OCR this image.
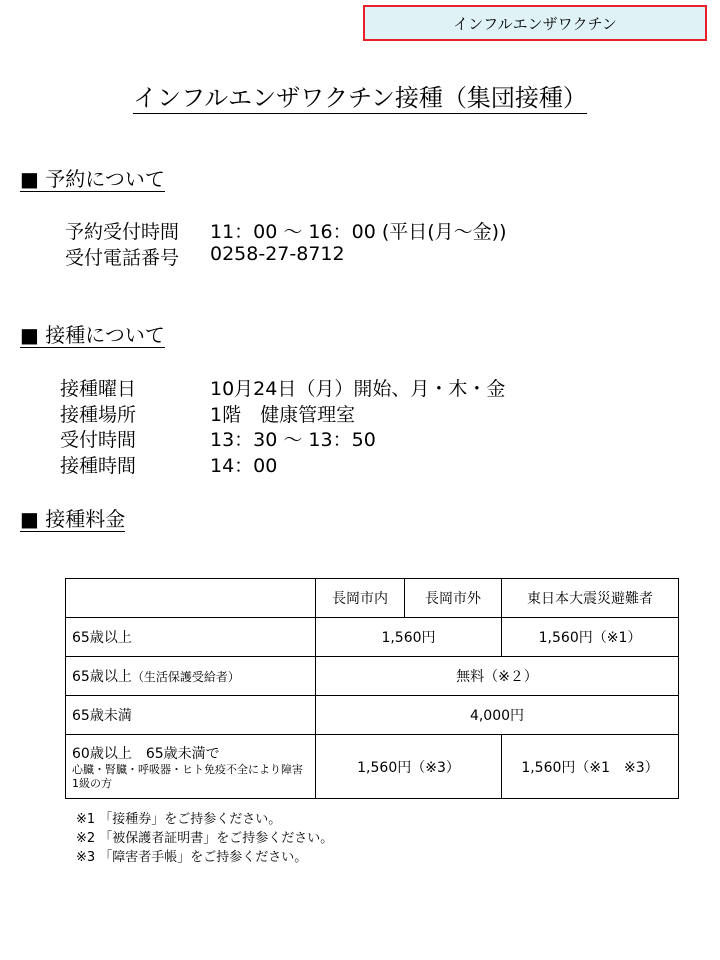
インフルエンザワクチン
インフルエンザワクチン接種（集団接種）
■ 予約について
予約受付時間 11：00 ～ 16：00 (平日(月～金))
受付電話番号 0258-27-8712
■ 接種について
接種曜日	10月24日（月）開始、月・木・金
接種場所	1階　健康管理室
受付時間	13：30 ～ 13：50
接種時間	14：00
■ 接種料金
	長岡市内	長岡市外	東日本大震災避難者
65歳以上	1,560円		1,560円（※1）
65歳以上（生活保護受給者）	無料（※２）		
65歳未満	4,000円		

60歳以上　65歳未満で
心臓・腎臓・呼吸器・ヒト免疫不全により障害1級の方	1,560円（※3）		1,560円（※1　※3）
※1 「接種券」をご持参ください。
※2 「被保護者証明書」をご持参ください。
※3 「障害者手帳」をご持参ください。
